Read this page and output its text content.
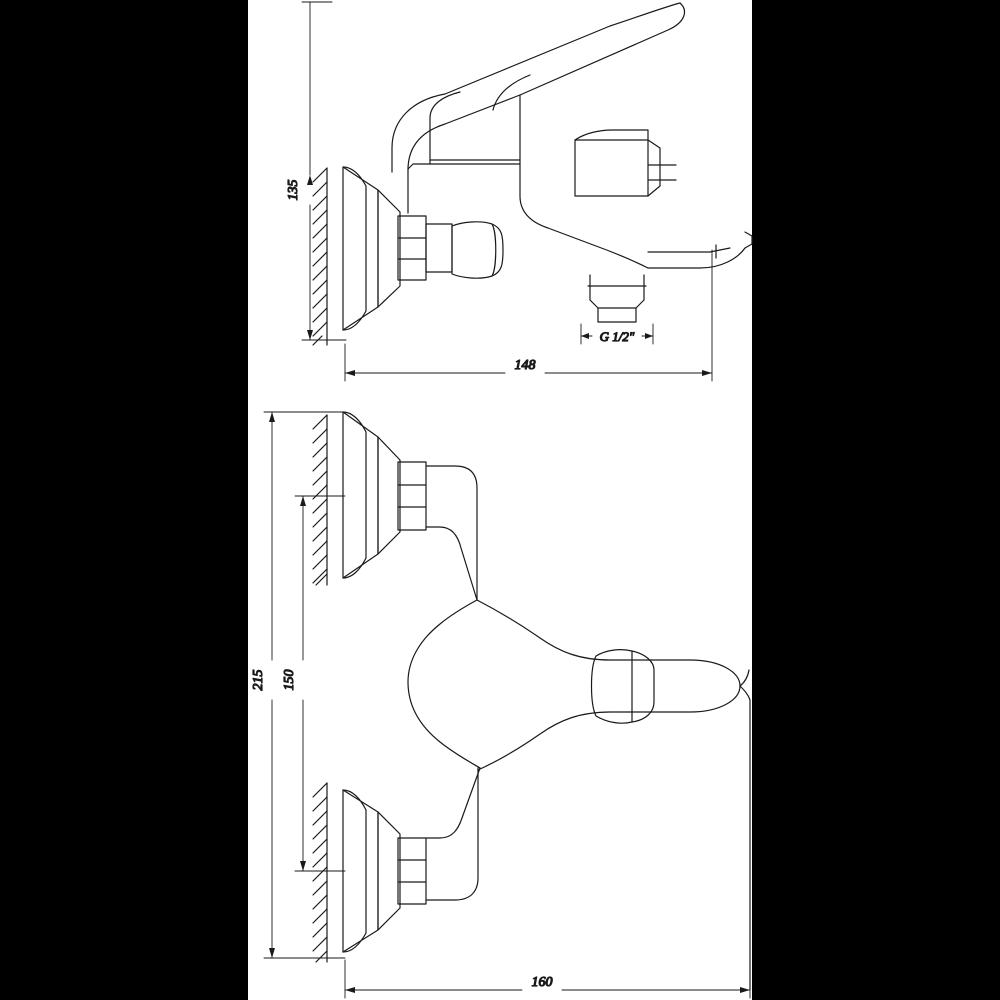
135
148
G 1/2"
215 150
160
